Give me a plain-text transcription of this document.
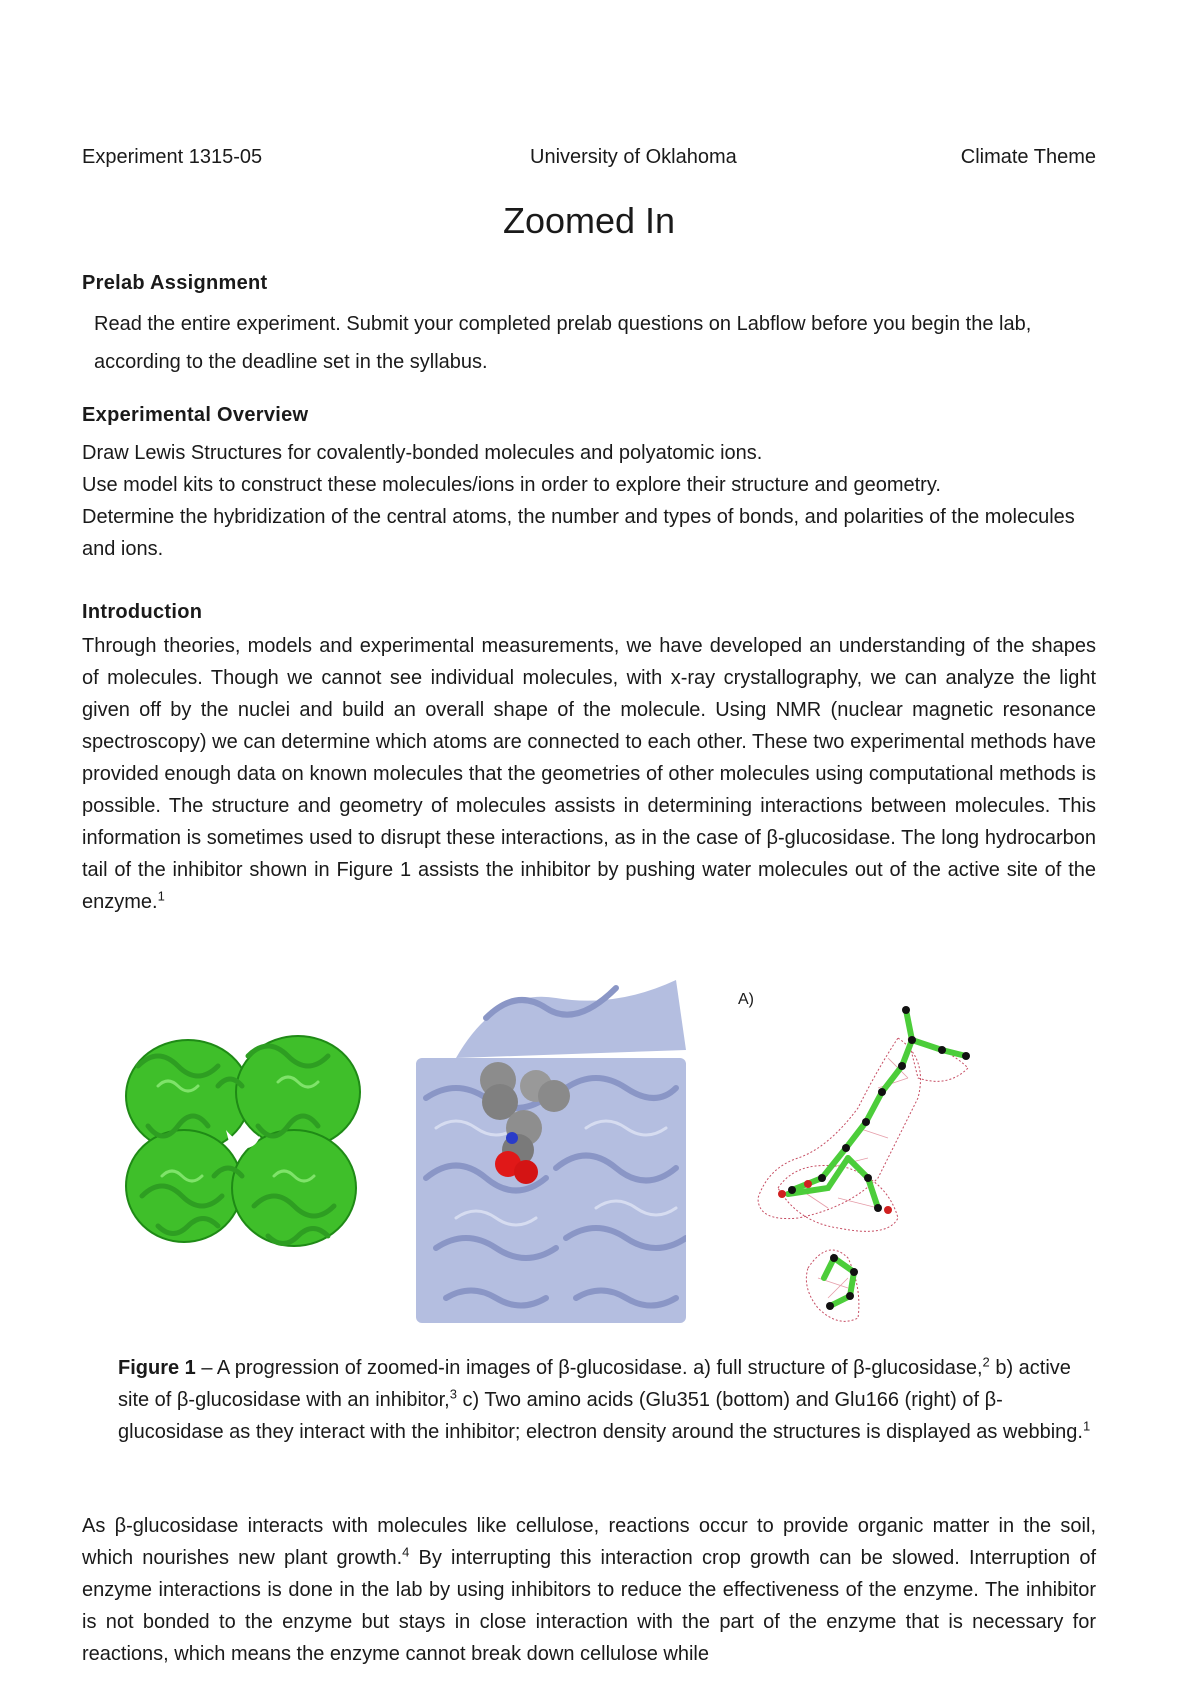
Experiment 1315-05	University of Oklahoma	Climate Theme
Zoomed In
Prelab Assignment
Read the entire experiment. Submit your completed prelab questions on Labflow before you begin the lab, according to the deadline set in the syllabus.
Experimental Overview
Draw Lewis Structures for covalently-bonded molecules and polyatomic ions.
Use model kits to construct these molecules/ions in order to explore their structure and geometry.
Determine the hybridization of the central atoms, the number and types of bonds, and polarities of the molecules and ions.
Introduction
Through theories, models and experimental measurements, we have developed an understanding of the shapes of molecules. Though we cannot see individual molecules, with x-ray crystallography, we can analyze the light given off by the nuclei and build an overall shape of the molecule. Using NMR (nuclear magnetic resonance spectroscopy) we can determine which atoms are connected to each other. These two experimental methods have provided enough data on known molecules that the geometries of other molecules using computational methods is possible. The structure and geometry of molecules assists in determining interactions between molecules. This information is sometimes used to disrupt these interactions, as in the case of β-glucosidase. The long hydrocarbon tail of the inhibitor shown in Figure 1 assists the inhibitor by pushing water molecules out of the active site of the enzyme.$^1$
A)
Figure 1 – A progression of zoomed-in images of β-glucosidase. a) full structure of β-glucosidase,$^2$ b) active site of β-glucosidase with an inhibitor,$^3$ c) Two amino acids (Glu351 (bottom) and Glu166 (right) of β-glucosidase as they interact with the inhibitor; electron density around the structures is displayed as webbing.$^1$
As β-glucosidase interacts with molecules like cellulose, reactions occur to provide organic matter in the soil, which nourishes new plant growth.$^4$ By interrupting this interaction crop growth can be slowed. Interruption of enzyme interactions is done in the lab by using inhibitors to reduce the effectiveness of the enzyme. The inhibitor is not bonded to the enzyme but stays in close interaction with the part of the enzyme that is necessary for reactions, which means the enzyme cannot break down cellulose while
